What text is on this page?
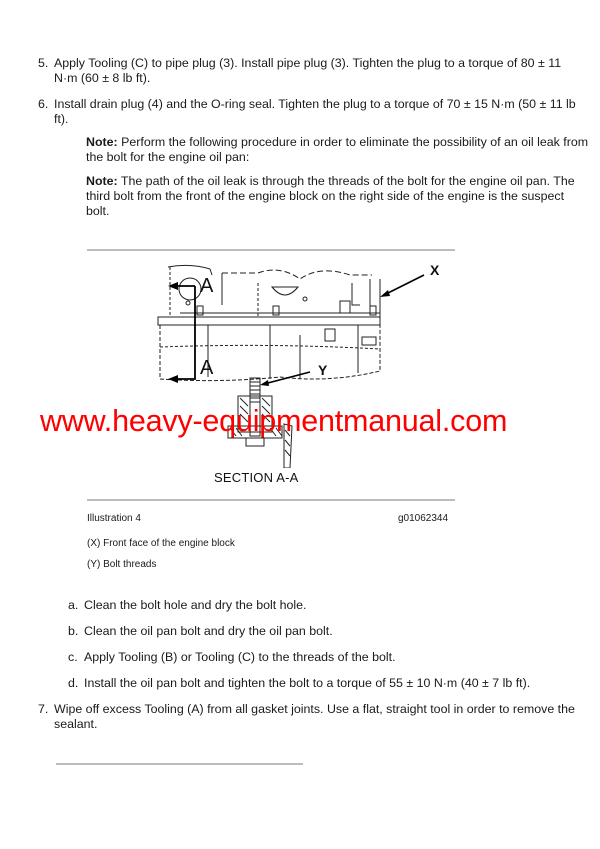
5. Apply Tooling (C) to pipe plug (3). Install pipe plug (3). Tighten the plug to a torque of 80 ± 11
N·m (60 ± 8 lb ft).
6. Install drain plug (4) and the O-ring seal. Tighten the plug to a torque of 70 ± 15 N·m (50 ± 11 lb
ft).
Note: Perform the following procedure in order to eliminate the possibility of an oil leak from
the bolt for the engine oil pan:
Note: The path of the oil leak is through the threads of the bolt for the engine oil pan. The
third bolt from the front of the engine block on the right side of the engine is the suspect
bolt.
A
A
X
Y
www.heavy-equipmentmanual.com
SECTION A-A
Illustration 4	g01062344
(X) Front face of the engine block
(Y) Bolt threads
a. Clean the bolt hole and dry the bolt hole.
b. Clean the oil pan bolt and dry the oil pan bolt.
c. Apply Tooling (B) or Tooling (C) to the threads of the bolt.
d. Install the oil pan bolt and tighten the bolt to a torque of 55 ± 10 N·m (40 ± 7 lb ft).
7. Wipe off excess Tooling (A) from all gasket joints. Use a flat, straight tool in order to remove the
sealant.
